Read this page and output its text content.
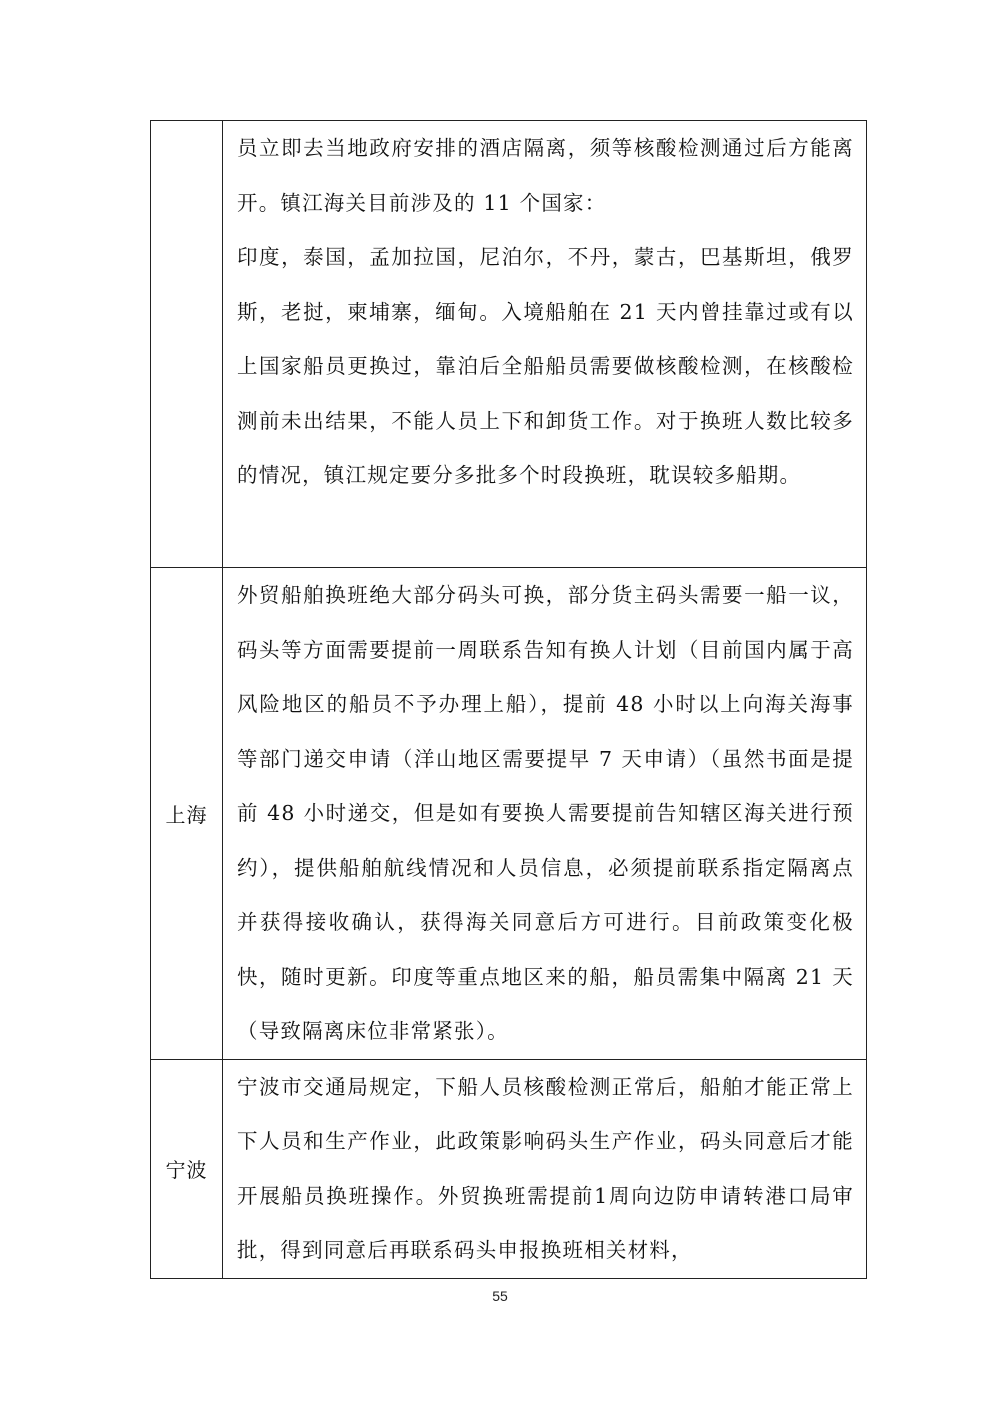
	员立即去当地政府安排的酒店隔离，须等核酸检测通过后方能离开。镇江海关目前涉及的 11 个国家：

印度，泰国，孟加拉国，尼泊尔，不丹，蒙古，巴基斯坦，俄罗斯，老挝，柬埔寨，缅甸。入境船舶在 21 天内曾挂靠过或有以上国家船员更换过，靠泊后全船船员需要做核酸检测，在核酸检测前未出结果，不能人员上下和卸货工作。对于换班人数比较多的情况，镇江规定要分多批多个时段换班，耽误较多船期。

上海	外贸船舶换班绝大部分码头可换，部分货主码头需要一船一议，码头等方面需要提前一周联系告知有换人计划（目前国内属于高风险地区的船员不予办理上船），提前 48 小时以上向海关海事等部门递交申请（洋山地区需要提早 7 天申请）（虽然书面是提前 48 小时递交，但是如有要换人需要提前告知辖区海关进行预约），提供船舶航线情况和人员信息，必须提前联系指定隔离点并获得接收确认，获得海关同意后方可进行。目前政策变化极快，随时更新。印度等重点地区来的船，船员需集中隔离 21 天（导致隔离床位非常紧张）。

宁波	宁波市交通局规定，下船人员核酸检测正常后，船舶才能正常上下人员和生产作业，此政策影响码头生产作业，码头同意后才能开展船员换班操作。外贸换班需提前1周向边防申请转港口局审批，得到同意后再联系码头申报换班相关材料，

55
